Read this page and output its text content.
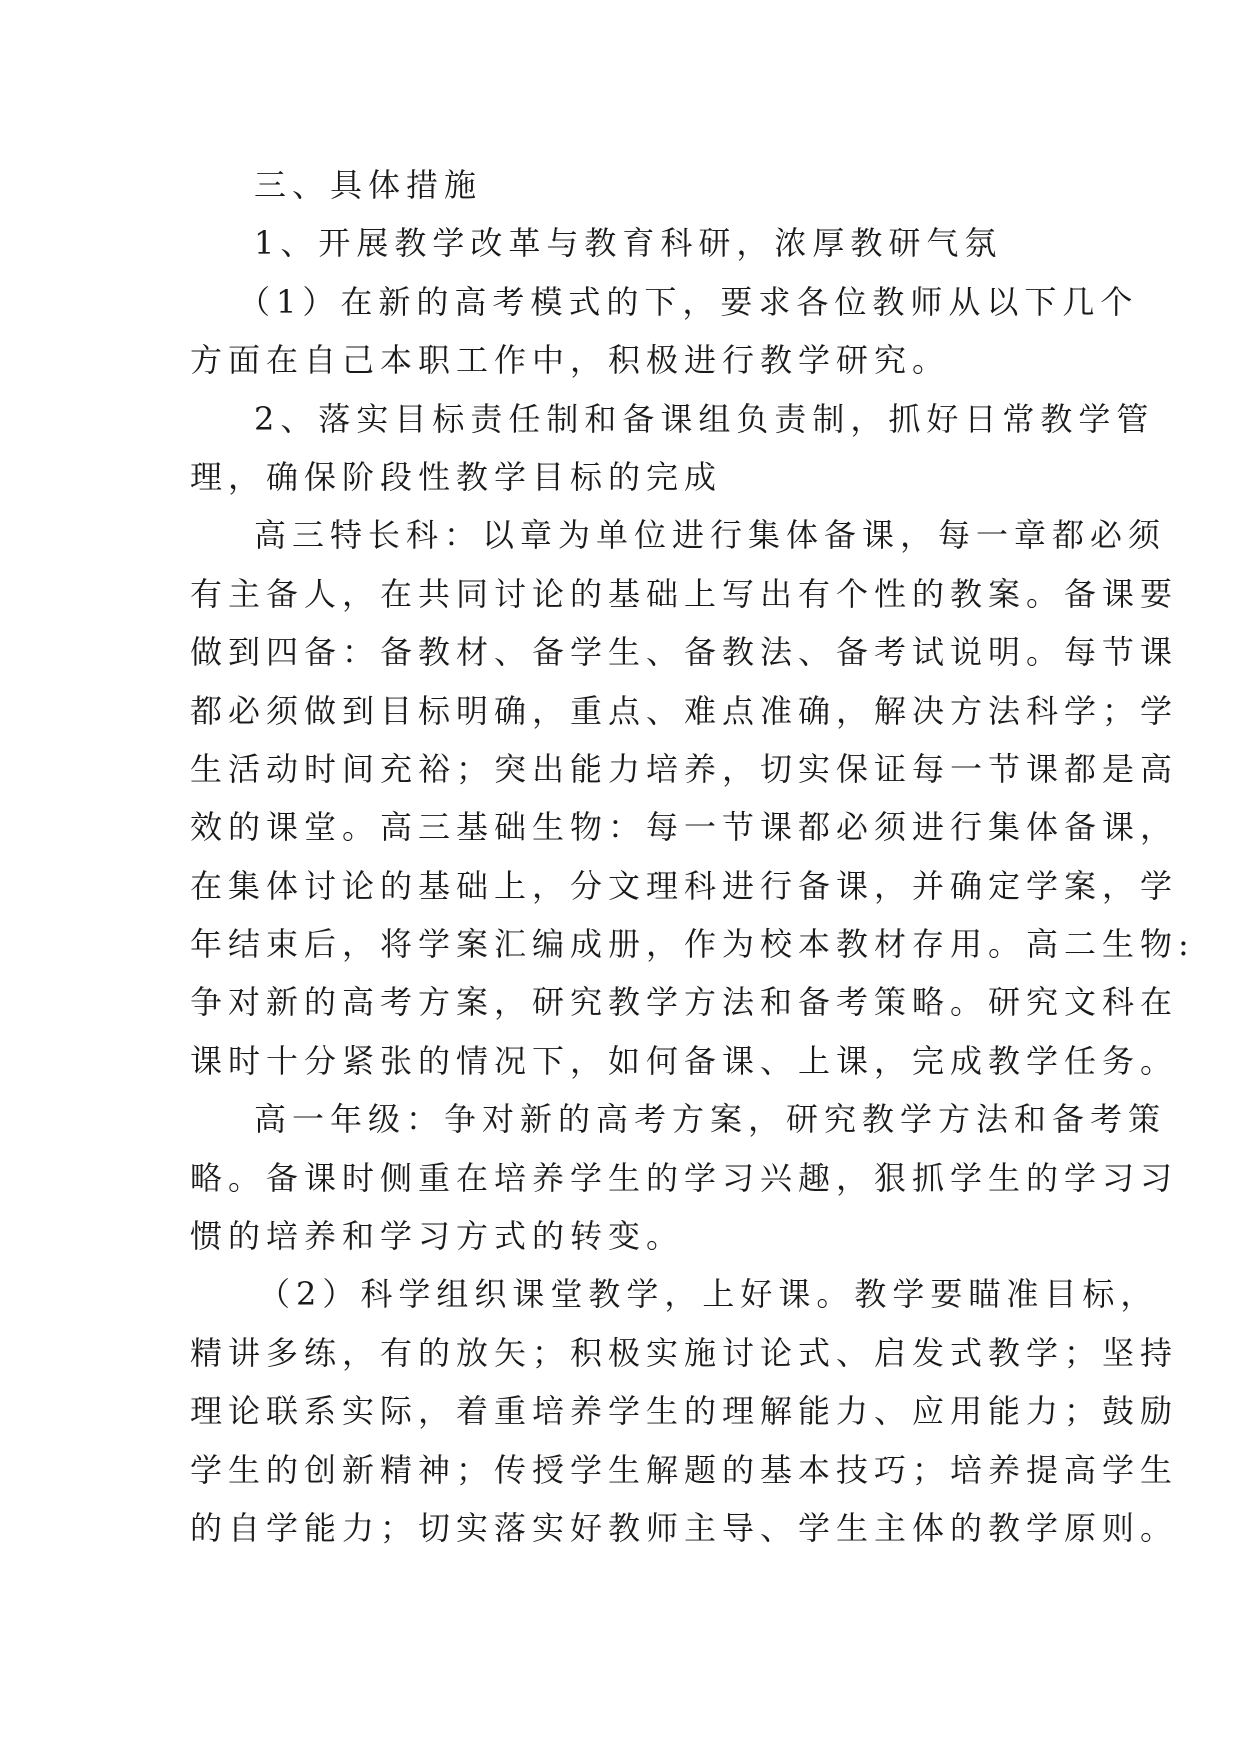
三、具体措施
1、开展教学改革与教育科研，浓厚教研气氛
（1）在新的高考模式的下，要求各位教师从以下几个
方面在自己本职工作中，积极进行教学研究。
2、落实目标责任制和备课组负责制，抓好日常教学管
理，确保阶段性教学目标的完成
高三特长科：以章为单位进行集体备课，每一章都必须
有主备人，在共同讨论的基础上写出有个性的教案。备课要
做到四备：备教材、备学生、备教法、备考试说明。每节课
都必须做到目标明确，重点、难点准确，解决方法科学；学
生活动时间充裕；突出能力培养，切实保证每一节课都是高
效的课堂。高三基础生物：每一节课都必须进行集体备课，
在集体讨论的基础上，分文理科进行备课，并确定学案，学
年结束后，将学案汇编成册，作为校本教材存用。高二生物:
争对新的高考方案，研究教学方法和备考策略。研究文科在
课时十分紧张的情况下，如何备课、上课，完成教学任务。
高一年级：争对新的高考方案，研究教学方法和备考策
略。备课时侧重在培养学生的学习兴趣，狠抓学生的学习习
惯的培养和学习方式的转变。
（2）科学组织课堂教学，上好课。教学要瞄准目标，
精讲多练，有的放矢；积极实施讨论式、启发式教学；坚持
理论联系实际，着重培养学生的理解能力、应用能力；鼓励
学生的创新精神；传授学生解题的基本技巧；培养提高学生
的自学能力；切实落实好教师主导、学生主体的教学原则。
